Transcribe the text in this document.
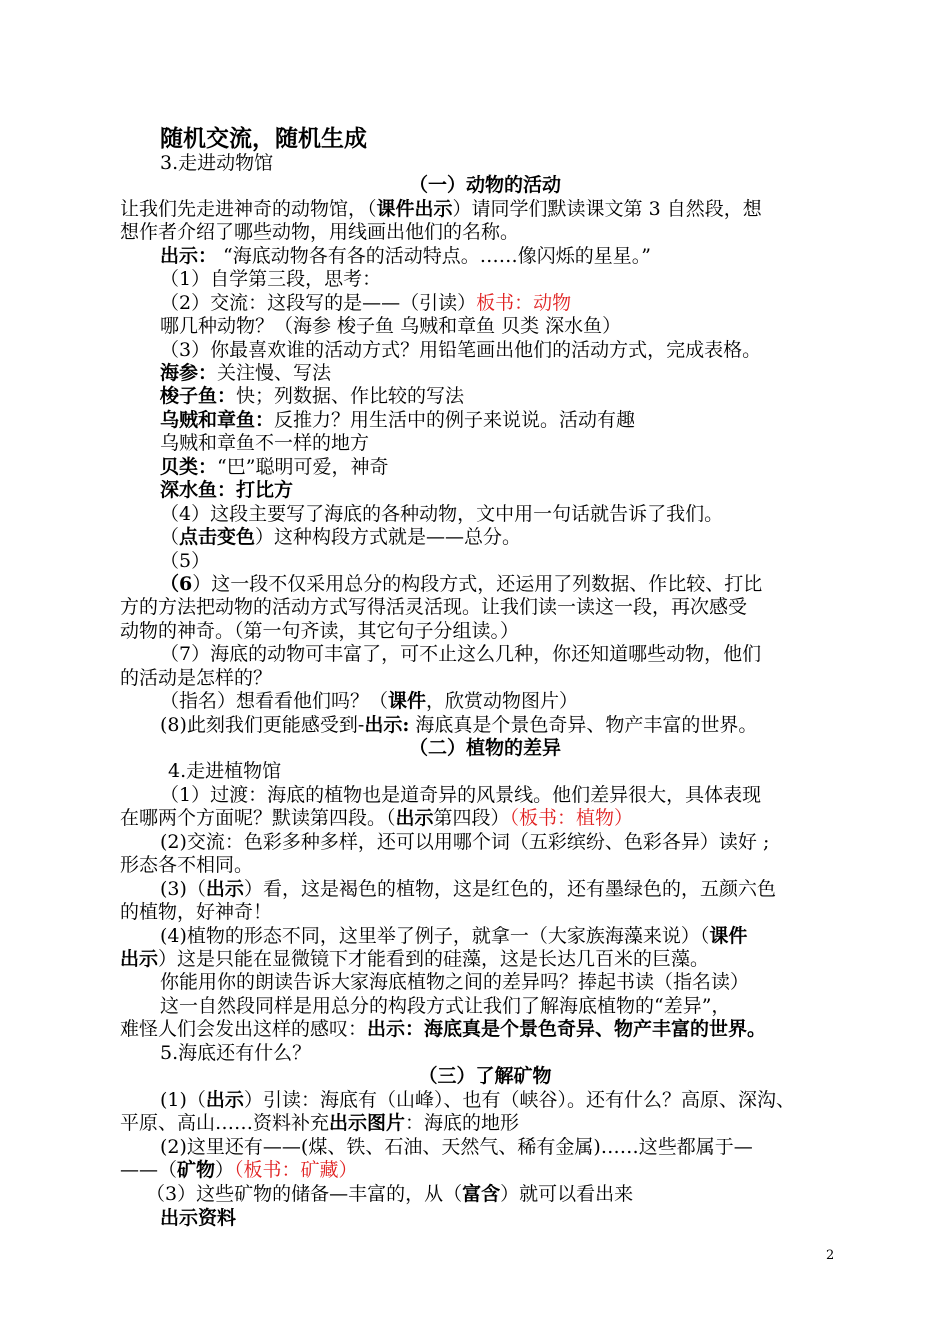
随机交流，随机生成
3.走进动物馆
（一）动物的活动
让我们先走进神奇的动物馆，（课件出示）请同学们默读课文第 3 自然段，想
想作者介绍了哪些动物，用线画出他们的名称。
出示： “海底动物各有各的活动特点。……像闪烁的星星。”
（1）自学第三段，思考：
（2）交流：这段写的是——（引读）板书：动物
哪几种动物？（海参 梭子鱼 乌贼和章鱼 贝类 深水鱼）
（3）你最喜欢谁的活动方式？用铅笔画出他们的活动方式，完成表格。
海参：关注慢、写法
梭子鱼：快；列数据、作比较的写法
乌贼和章鱼：反推力？用生活中的例子来说说。活动有趣
乌贼和章鱼不一样的地方
贝类：“巴”聪明可爱，神奇
深水鱼：打比方
（4）这段主要写了海底的各种动物，文中用一句话就告诉了我们。
（点击变色）这种构段方式就是——总分。
（5）
（6）这一段不仅采用总分的构段方式，还运用了列数据、作比较、打比
方的方法把动物的活动方式写得活灵活现。让我们读一读这一段，再次感受
动物的神奇。（第一句齐读，其它句子分组读。）
（7）海底的动物可丰富了，可不止这么几种，你还知道哪些动物，他们
的活动是怎样的？
（指名）想看看他们吗？（课件，欣赏动物图片）
(8)此刻我们更能感受到-出示: 海底真是个景色奇异、物产丰富的世界。
（二）植物的差异
4.走进植物馆
（1）过渡：海底的植物也是道奇异的风景线。他们差异很大，具体表现
在哪两个方面呢？默读第四段。（出示第四段）（板书：植物）
(2)交流：色彩多种多样，还可以用哪个词（五彩缤纷、色彩各异）读好 ;
形态各不相同。
(3)（出示）看，这是褐色的植物，这是红色的，还有墨绿色的，五颜六色
的植物，好神奇！
(4)植物的形态不同，这里举了例子，就拿一（大家族海藻来说）（课件
出示）这是只能在显微镜下才能看到的硅藻，这是长达几百米的巨藻。
你能用你的朗读告诉大家海底植物之间的差异吗？捧起书读（指名读）
这一自然段同样是用总分的构段方式让我们了解海底植物的“差异”，
难怪人们会发出这样的感叹：出示：海底真是个景色奇异、物产丰富的世界。
5.海底还有什么？
（三）了解矿物
(1)（出示）引读：海底有（山峰）、也有（峡谷）。还有什么？高原、深沟、
平原、高山……资料补充出示图片：海底的地形
(2)这里还有——(煤、铁、石油、天然气、稀有金属)……这些都属于—
——（矿物）（板书：矿藏）
（3）这些矿物的储备—丰富的，从（富含）就可以看出来
出示资料
2
